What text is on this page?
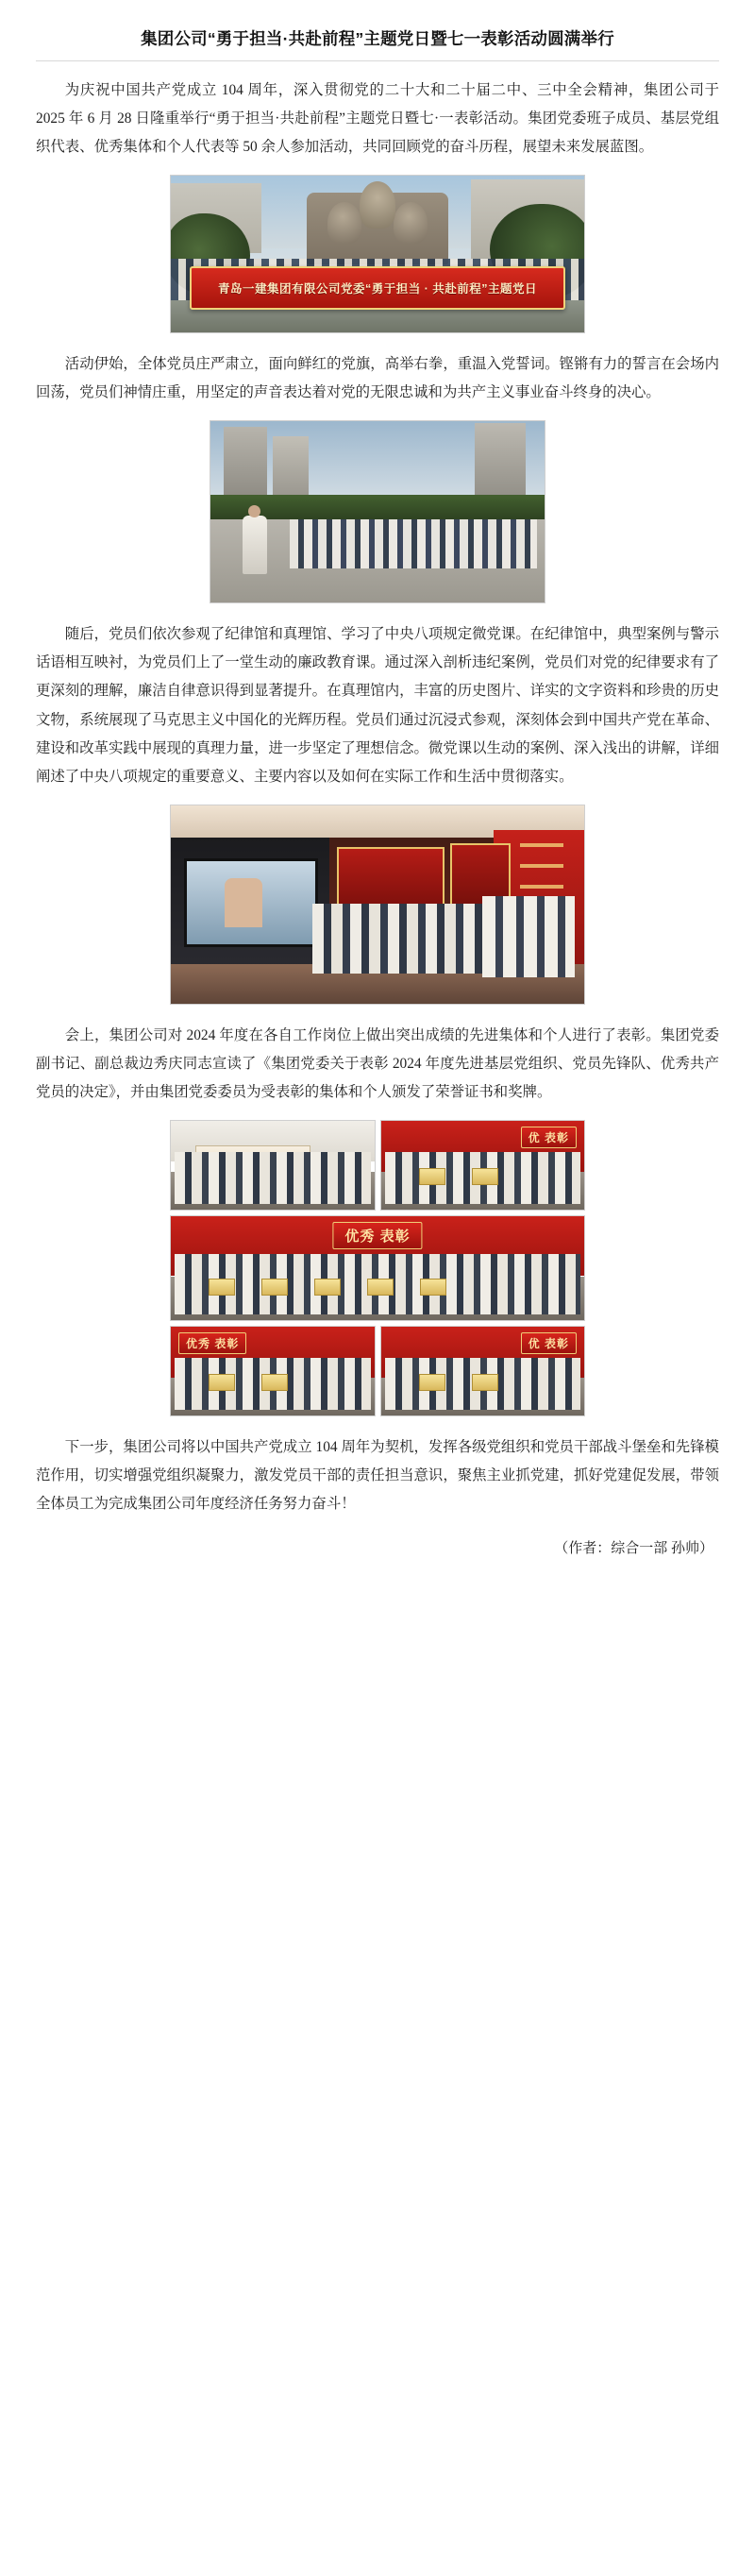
集团公司“勇于担当·共赴前程”主题党日暨七一表彰活动圆满举行

为庆祝中国共产党成立 104 周年，深入贯彻党的二十大和二十届二中、三中全会精神，集团公司于 2025 年 6 月 28 日隆重举行“勇于担当·共赴前程”主题党日暨七·一表彰活动。集团党委班子成员、基层党组织代表、优秀集体和个人代表等 50 余人参加活动，共同回顾党的奋斗历程，展望未来发展蓝图。

青岛一建集团有限公司党委“勇于担当 · 共赴前程”主题党日

活动伊始，全体党员庄严肃立，面向鲜红的党旗，高举右拳，重温入党誓词。铿锵有力的誓言在会场内回荡，党员们神情庄重，用坚定的声音表达着对党的无限忠诚和为共产主义事业奋斗终身的决心。

随后，党员们依次参观了纪律馆和真理馆、学习了中央八项规定微党课。在纪律馆中，典型案例与警示话语相互映衬，为党员们上了一堂生动的廉政教育课。通过深入剖析违纪案例，党员们对党的纪律要求有了更深刻的理解，廉洁自律意识得到显著提升。在真理馆内，丰富的历史图片、详实的文字资料和珍贵的历史文物，系统展现了马克思主义中国化的光辉历程。党员们通过沉浸式参观，深刻体会到中国共产党在革命、建设和改革实践中展现的真理力量，进一步坚定了理想信念。微党课以生动的案例、深入浅出的讲解，详细阐述了中央八项规定的重要意义、主要内容以及如何在实际工作和生活中贯彻落实。

会上，集团公司对 2024 年度在各自工作岗位上做出突出成绩的先进集体和个人进行了表彰。集团党委副书记、副总裁边秀庆同志宣读了《集团党委关于表彰 2024 年度先进基层党组织、党员先锋队、优秀共产党员的决定》，并由集团党委委员为受表彰的集体和个人颁发了荣誉证书和奖牌。

优 表彰
优秀 表彰
优秀 表彰	优 表彰

下一步，集团公司将以中国共产党成立 104 周年为契机，发挥各级党组织和党员干部战斗堡垒和先锋模范作用，切实增强党组织凝聚力，激发党员干部的责任担当意识，聚焦主业抓党建，抓好党建促发展，带领全体员工为完成集团公司年度经济任务努力奋斗！

（作者：综合一部 孙帅）
